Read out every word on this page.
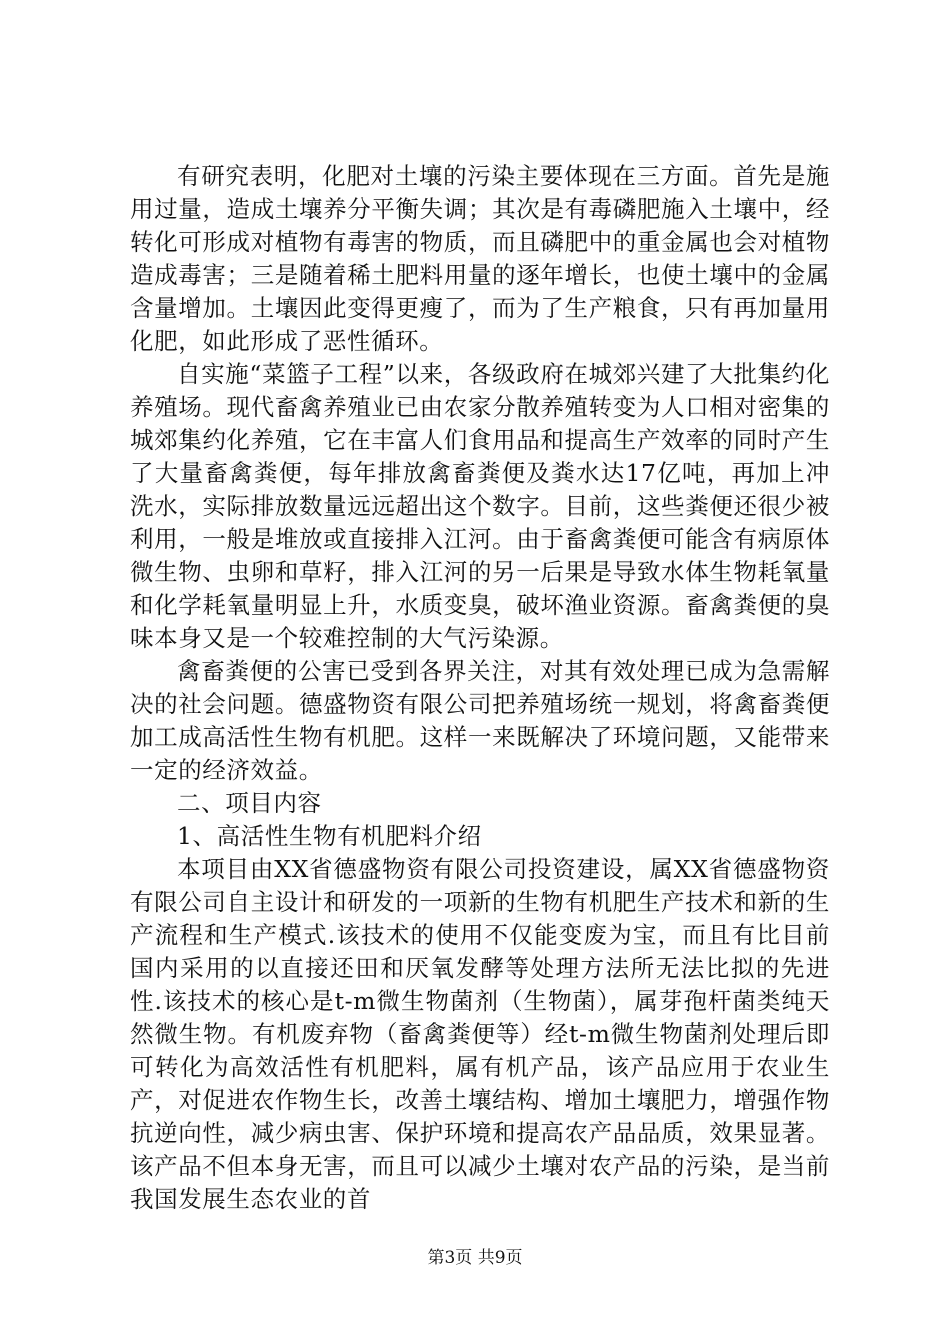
有研究表明，化肥对土壤的污染主要体现在三方面。首先是施用过量，造成土壤养分平衡失调；其次是有毒磷肥施入土壤中，经转化可形成对植物有毒害的物质，而且磷肥中的重金属也会对植物造成毒害；三是随着稀土肥料用量的逐年增长，也使土壤中的金属含量增加。土壤因此变得更瘦了，而为了生产粮食，只有再加量用化肥，如此形成了恶性循环。

自实施“菜篮子工程”以来，各级政府在城郊兴建了大批集约化养殖场。现代畜禽养殖业已由农家分散养殖转变为人口相对密集的城郊集约化养殖，它在丰富人们食用品和提高生产效率的同时产生了大量畜禽粪便，每年排放禽畜粪便及粪水达17亿吨，再加上冲洗水，实际排放数量远远超出这个数字。目前，这些粪便还很少被利用，一般是堆放或直接排入江河。由于畜禽粪便可能含有病原体微生物、虫卵和草籽，排入江河的另一后果是导致水体生物耗氧量和化学耗氧量明显上升，水质变臭，破坏渔业资源。畜禽粪便的臭味本身又是一个较难控制的大气污染源。

禽畜粪便的公害已受到各界关注，对其有效处理已成为急需解决的社会问题。德盛物资有限公司把养殖场统一规划，将禽畜粪便加工成高活性生物有机肥。这样一来既解决了环境问题，又能带来一定的经济效益。

二、项目内容

1、高活性生物有机肥料介绍

本项目由XX省德盛物资有限公司投资建设，属XX省德盛物资有限公司自主设计和研发的一项新的生物有机肥生产技术和新的生产流程和生产模式.该技术的使用不仅能变废为宝，而且有比目前国内采用的以直接还田和厌氧发酵等处理方法所无法比拟的先进性.该技术的核心是t-m微生物菌剂（生物菌），属芽孢杆菌类纯天然微生物。有机废弃物（畜禽粪便等）经t-m微生物菌剂处理后即可转化为高效活性有机肥料，属有机产品，该产品应用于农业生产，对促进农作物生长，改善土壤结构、增加土壤肥力，增强作物抗逆向性，减少病虫害、保护环境和提高农产品品质，效果显著。该产品不但本身无害，而且可以减少土壤对农产品的污染，是当前我国发展生态农业的首

第3页 共9页
